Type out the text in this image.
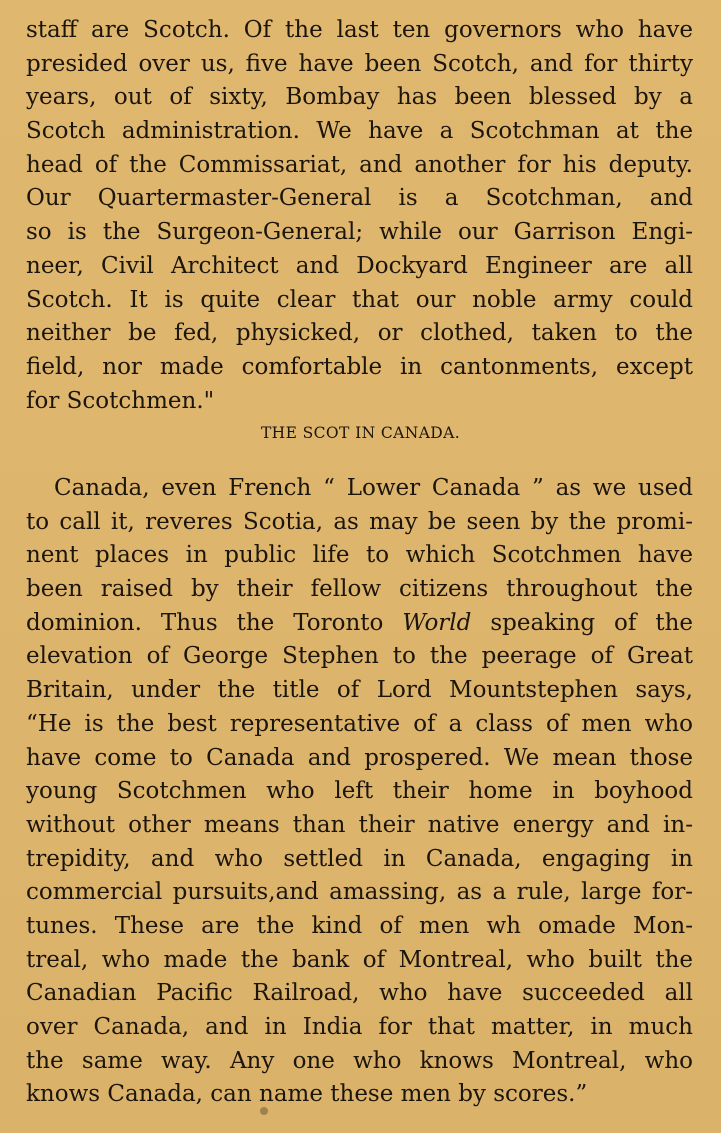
staff are Scotch. Of the last ten governors who have
presided over us, five have been Scotch, and for thirty
years, out of sixty, Bombay has been blessed by a
Scotch administration. We have a Scotchman at the
head of the Commissariat, and another for his deputy.
Our Quartermaster-General is a Scotchman, and
so is the Surgeon-General; while our Garrison Engi-
neer, Civil Architect and Dockyard Engineer are all
Scotch. It is quite clear that our noble army could
neither be fed, physicked, or clothed, taken to the
field, nor made comfortable in cantonments, except
for Scotchmen."
THE SCOT IN CANADA.
Canada, even French “ Lower Canada ” as we used
to call it, reveres Scotia, as may be seen by the promi-
nent places in public life to which Scotchmen have
been raised by their fellow citizens throughout the
dominion. Thus the Toronto World speaking of the
elevation of George Stephen to the peerage of Great
Britain, under the title of Lord Mountstephen says,
“He is the best representative of a class of men who
have come to Canada and prospered. We mean those
young Scotchmen who left their home in boyhood
without other means than their native energy and in-
trepidity, and who settled in Canada, engaging in
commercial pursuits,and amassing, as a rule, large for-
tunes. These are the kind of men wh omade Mon-
treal, who made the bank of Montreal, who built the
Canadian Pacific Railroad, who have succeeded all
over Canada, and in India for that matter, in much
the same way. Any one who knows Montreal, who
knows Canada, can name these men by scores.”
